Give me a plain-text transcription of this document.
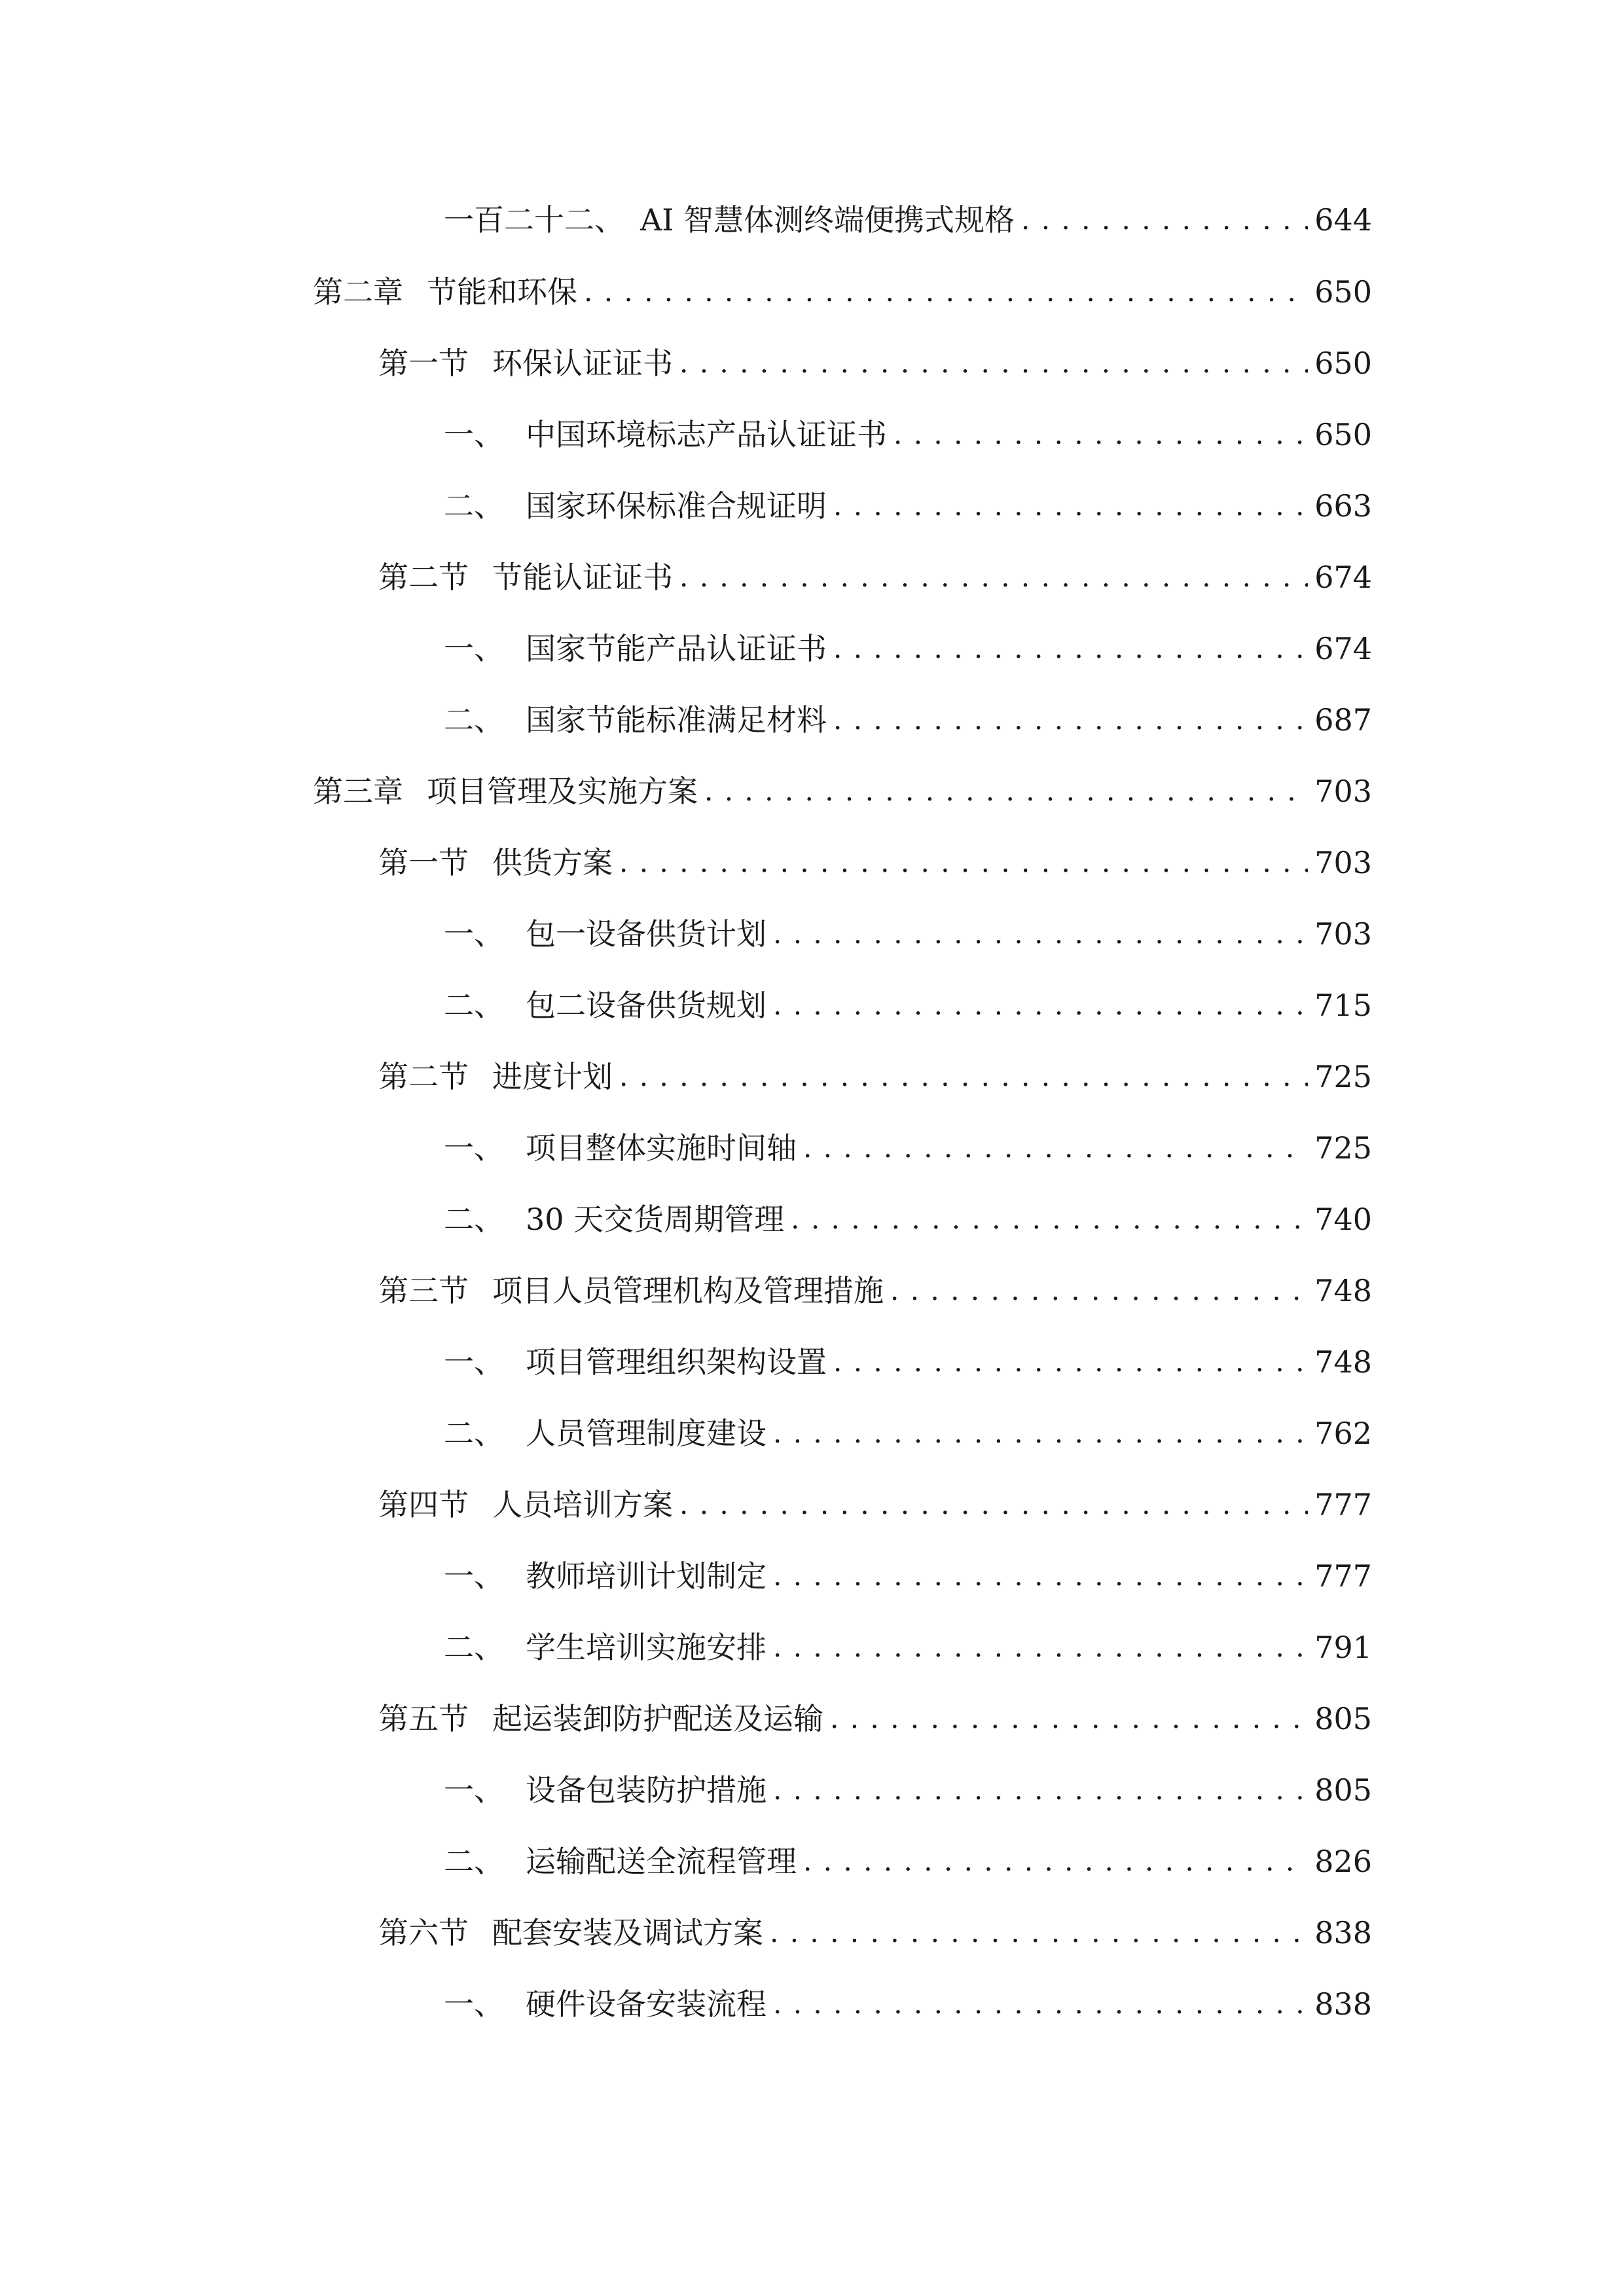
一百二十二、 AI 智慧体测终端便携式规格 . . .	644
第二章 节能和环保 . . .	650
第一节 环保认证证书 . . .	650
一、 中国环境标志产品认证证书 . . .	650
二、 国家环保标准合规证明 . . .	663
第二节 节能认证证书 . . .	674
一、 国家节能产品认证证书 . . .	674
二、 国家节能标准满足材料 . . .	687
第三章 项目管理及实施方案 . . .	703
第一节 供货方案 . . .	703
一、 包一设备供货计划 . . .	703
二、 包二设备供货规划 . . .	715
第二节 进度计划 . . .	725
一、 项目整体实施时间轴 . . .	725
二、 30 天交货周期管理 . . .	740
第三节 项目人员管理机构及管理措施 . . .	748
一、 项目管理组织架构设置 . . .	748
二、 人员管理制度建设 . . .	762
第四节 人员培训方案 . . .	777
一、 教师培训计划制定 . . .	777
二、 学生培训实施安排 . . .	791
第五节 起运装卸防护配送及运输 . . .	805
一、 设备包装防护措施 . . .	805
二、 运输配送全流程管理 . . .	826
第六节 配套安装及调试方案 . . .	838
一、 硬件设备安装流程 . . .	838
